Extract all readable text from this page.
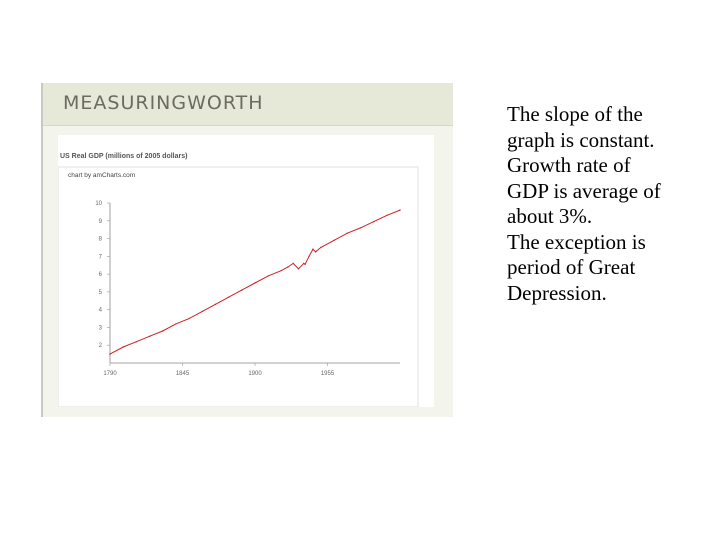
MEASURINGWORTH
US Real GDP (millions of 2005 dollars)
chart by amCharts.com
2
3
4
5
6
7
8
9
10
1790	1845	1900	1955

The slope of the

graph is constant.

Growth rate of

GDP is average of

about 3%.

The exception is

period of Great

Depression.
